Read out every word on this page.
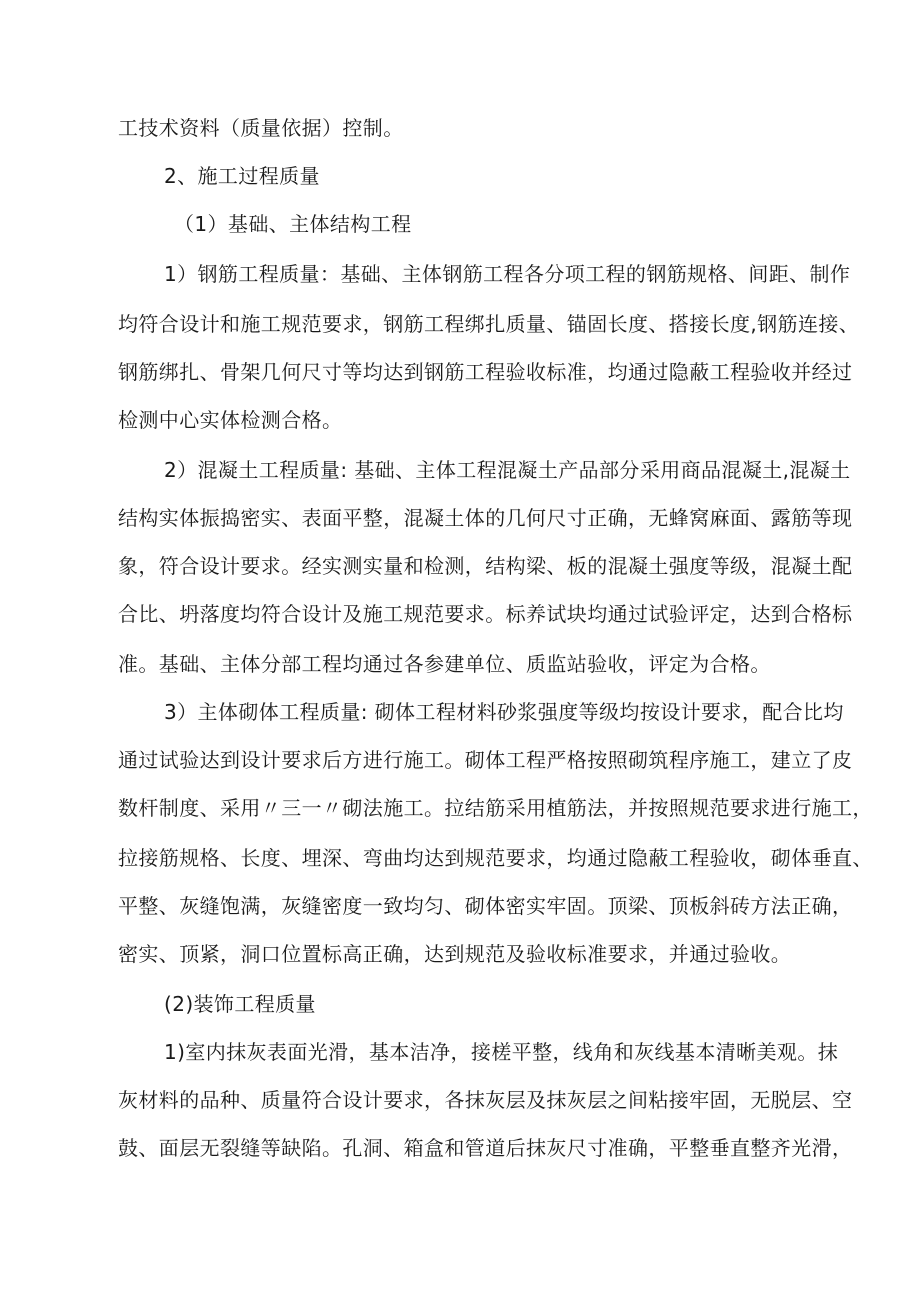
工技术资料（质量依据）控制。
2、施工过程质量
（1）基础、主体结构工程
1）钢筋工程质量：基础、主体钢筋工程各分项工程的钢筋规格、间距、制作
均符合设计和施工规范要求，钢筋工程绑扎质量、锚固长度、搭接长度,钢筋连接、
钢筋绑扎、骨架几何尺寸等均达到钢筋工程验收标准，均通过隐蔽工程验收并经过
检测中心实体检测合格。
2）混凝土工程质量: 基础、主体工程混凝土产品部分采用商品混凝土,混凝土
结构实体振捣密实、表面平整，混凝土体的几何尺寸正确，无蜂窝麻面、露筋等现
象，符合设计要求。经实测实量和检测，结构梁、板的混凝土强度等级，混凝土配
合比、坍落度均符合设计及施工规范要求。标养试块均通过试验评定，达到合格标
准。基础、主体分部工程均通过各参建单位、质监站验收，评定为合格。
3）主体砌体工程质量: 砌体工程材料砂浆强度等级均按设计要求，配合比均
通过试验达到设计要求后方进行施工。砌体工程严格按照砌筑程序施工，建立了皮
数杆制度、采用〃三一〃砌法施工。拉结筋采用植筋法，并按照规范要求进行施工，
拉接筋规格、长度、埋深、弯曲均达到规范要求，均通过隐蔽工程验收，砌体垂直、
平整、灰缝饱满，灰缝密度一致均匀、砌体密实牢固。顶梁、顶板斜砖方法正确，
密实、顶紧，洞口位置标高正确，达到规范及验收标准要求，并通过验收。
(2)装饰工程质量
1)室内抹灰表面光滑，基本洁净，接槎平整，线角和灰线基本清晰美观。抹
灰材料的品种、质量符合设计要求，各抹灰层及抹灰层之间粘接牢固，无脱层、空
鼓、面层无裂缝等缺陷。孔洞、箱盒和管道后抹灰尺寸准确，平整垂直整齐光滑，
